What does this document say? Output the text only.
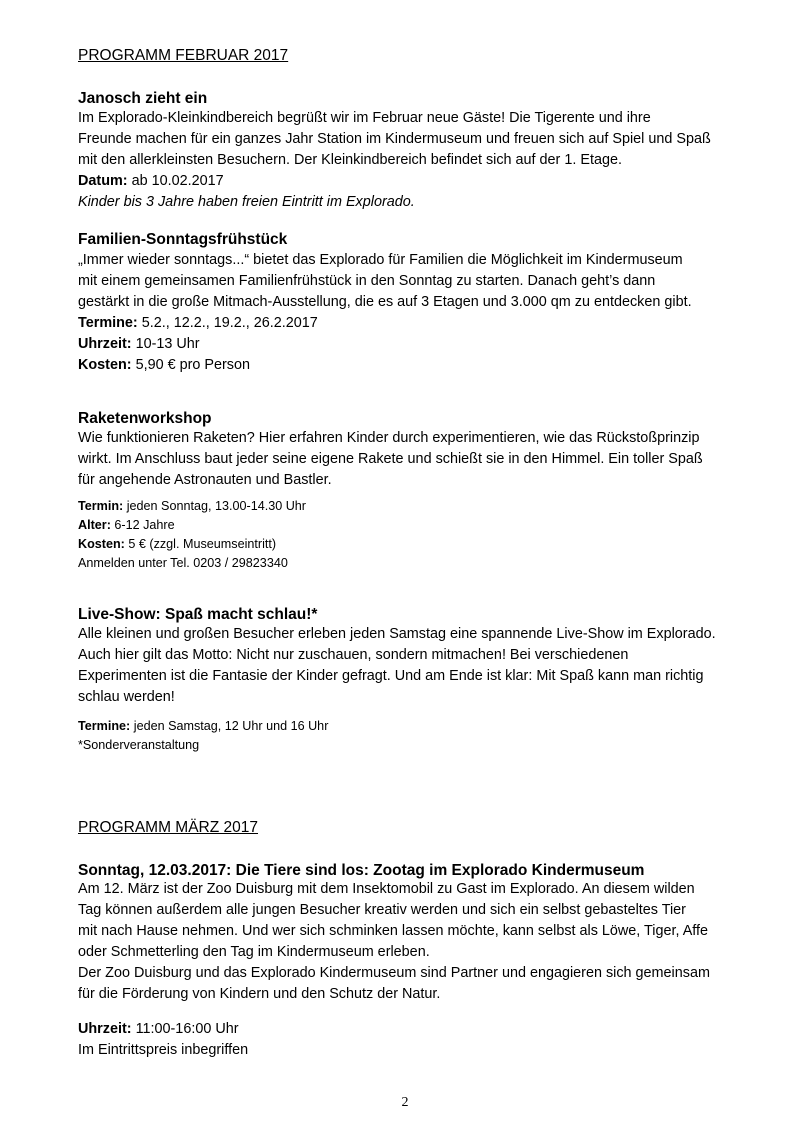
PROGRAMM FEBRUAR 2017
Janosch zieht ein

Im Explorado-Kleinkindbereich begrüßt wir im Februar neue Gäste! Die Tigerente und ihre

Freunde machen für ein ganzes Jahr Station im Kindermuseum und freuen sich auf Spiel und Spaß

mit den allerkleinsten Besuchern. Der Kleinkindbereich befindet sich auf der 1. Etage.

Datum: ab 10.02.2017

Kinder bis 3 Jahre haben freien Eintritt im Explorado.

Familien-Sonntagsfrühstück

„Immer wieder sonntags...“ bietet das Explorado für Familien die Möglichkeit im Kindermuseum

mit einem gemeinsamen Familienfrühstück in den Sonntag zu starten. Danach geht’s dann

gestärkt in die große Mitmach-Ausstellung, die es auf 3 Etagen und 3.000 qm zu entdecken gibt.

Termine: 5.2., 12.2., 19.2., 26.2.2017

Uhrzeit: 10-13 Uhr

Kosten: 5,90 € pro Person

Raketenworkshop

Wie funktionieren Raketen? Hier erfahren Kinder durch experimentieren, wie das Rückstoßprinzip

wirkt. Im Anschluss baut jeder seine eigene Rakete und schießt sie in den Himmel. Ein toller Spaß

für angehende Astronauten und Bastler.

Termin: jeden Sonntag, 13.00-14.30 Uhr

Alter: 6-12 Jahre

Kosten: 5 € (zzgl. Museumseintritt)

Anmelden unter Tel. 0203 / 29823340

Live-Show: Spaß macht schlau!*

Alle kleinen und großen Besucher erleben jeden Samstag eine spannende Live-Show im Explorado.

Auch hier gilt das Motto: Nicht nur zuschauen, sondern mitmachen! Bei verschiedenen

Experimenten ist die Fantasie der Kinder gefragt. Und am Ende ist klar: Mit Spaß kann man richtig

schlau werden!

Termine: jeden Samstag, 12 Uhr und 16 Uhr

*Sonderveranstaltung

PROGRAMM MÄRZ 2017
Sonntag, 12.03.2017: Die Tiere sind los: Zootag im Explorado Kindermuseum

Am 12. März ist der Zoo Duisburg mit dem Insektomobil zu Gast im Explorado. An diesem wilden

Tag können außerdem alle jungen Besucher kreativ werden und sich ein selbst gebasteltes Tier

mit nach Hause nehmen. Und wer sich schminken lassen möchte, kann selbst als Löwe, Tiger, Affe

oder Schmetterling den Tag im Kindermuseum erleben.

Der Zoo Duisburg und das Explorado Kindermuseum sind Partner und engagieren sich gemeinsam

für die Förderung von Kindern und den Schutz der Natur.

Uhrzeit: 11:00-16:00 Uhr

Im Eintrittspreis inbegriffen

2
